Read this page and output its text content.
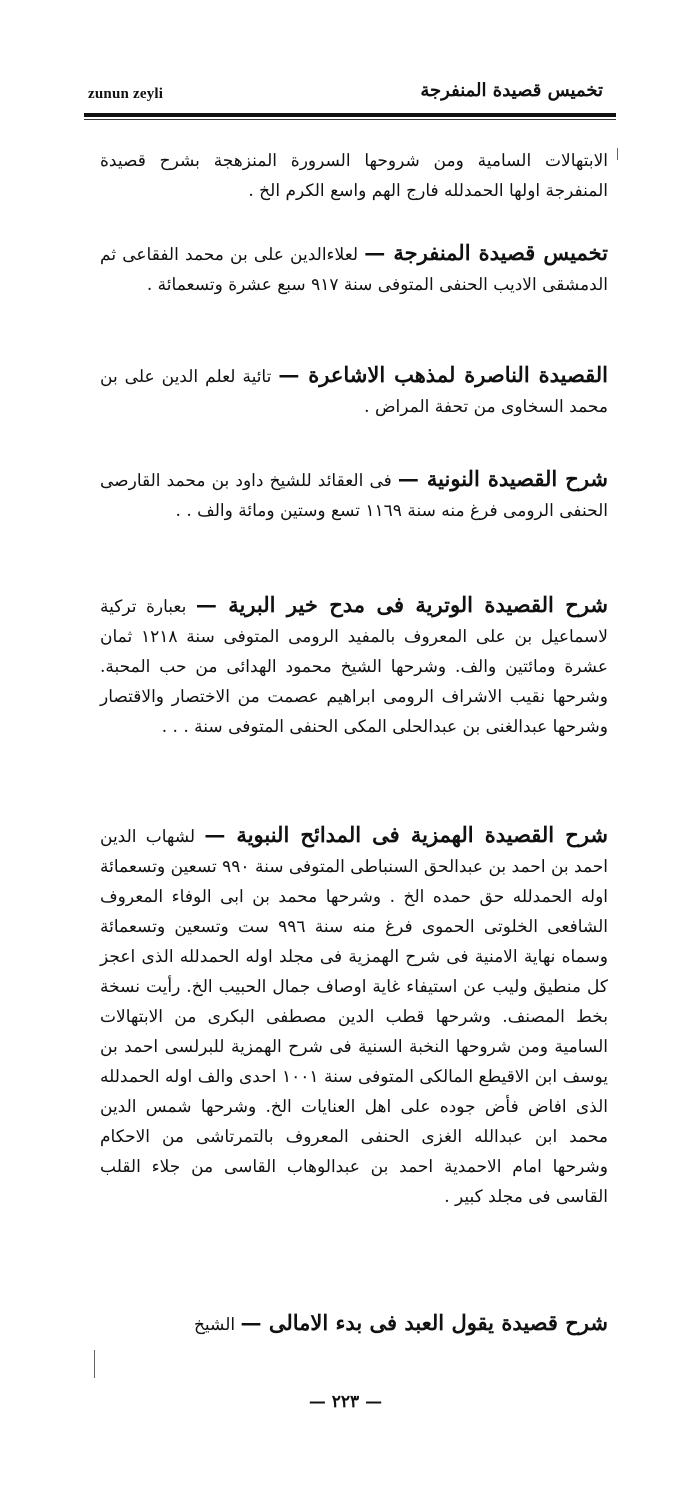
zunun zeyli	تخميس قصيدة المنفرجة
الابتهالات السامية ومن شروحها السرورة المنزهجة بشرح قصيدة المنفرجة اولها الحمدلله فارج الهم واسع الكرم الخ .
تخميس قصيدة المنفرجة — لعلاءالدين على بن محمد الفقاعى ثم الدمشقى الاديب الحنفى المتوفى سنة ٩١٧ سبع عشرة وتسعمائة .
القصيدة الناصرة لمذهب الاشاعرة — تائية لعلم الدين على بن محمد السخاوى من تحفة المراض .
شرح القصيدة النونية — فى العقائد للشيخ داود بن محمد القارصى الحنفى الرومى فرغ منه سنة ١١٦٩ تسع وستين ومائة والف . .
شرح القصيدة الوترية فى مدح خير البرية — بعبارة تركية لاسماعيل بن على المعروف بالمفيد الرومى المتوفى سنة ١٢١٨ ثمان عشرة ومائتين والف. وشرحها الشيخ محمود الهدائى من حب المحبة. وشرحها نقيب الاشراف الرومى ابراهيم عصمت من الاختصار والاقتصار وشرحها عبدالغنى بن عبدالحلى المكى الحنفى المتوفى سنة . . .
شرح القصيدة الهمزية فى المدائح النبوية — لشهاب الدين احمد بن احمد بن عبدالحق السنباطى المتوفى سنة ٩٩٠ تسعين وتسعمائة اوله الحمدلله حق حمده الخ . وشرحها محمد بن ابى الوفاء المعروف الشافعى الخلوتى الحموى فرغ منه سنة ٩٩٦ ست وتسعين وتسعمائة وسماه نهاية الامنية فى شرح الهمزية فى مجلد اوله الحمدلله الذى اعجز كل منطيق وليب عن استيفاء غاية اوصاف جمال الحبيب الخ. رأيت نسخة بخط المصنف. وشرحها قطب الدين مصطفى البكرى من الابتهالات السامية ومن شروحها النخبة السنية فى شرح الهمزية للبرلسى احمد بن يوسف ابن الاقيطع المالكى المتوفى سنة ١٠٠١ احدى والف اوله الحمدلله الذى افاض فأض جوده على اهل العنايات الخ. وشرحها شمس الدين محمد ابن عبدالله الغزى الحنفى المعروف بالتمرتاشى من الاحكام وشرحها امام الاحمدية احمد بن عبدالوهاب القاسى من جلاء القلب القاسى فى مجلد كبير .
شرح قصيدة يقول العبد فى بدء الامالى — الشيخ
— ٢٢٣ —
